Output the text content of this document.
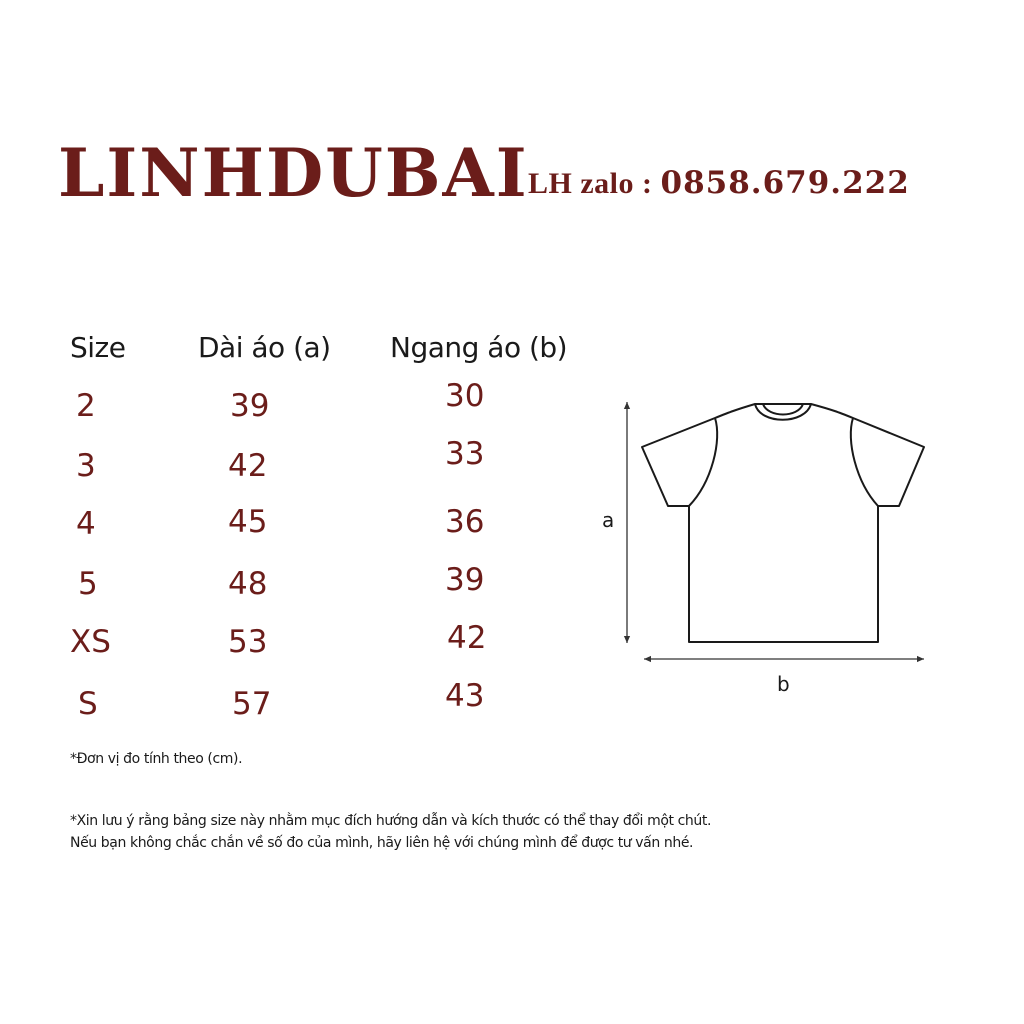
LINHDUBAI LH zalo : 0858.679.222
Size	Dài áo (a) Ngang áo (b)
2	39	30
3	42	33
4	45	36
5	48	39
XS	53	42
S	57	43
a
b
*Đơn vị đo tính theo (cm).
*Xin lưu ý rằng bảng size này nhằm mục đích hướng dẫn và kích thước có thể thay đổi một chút.
Nếu bạn không chắc chắn về số đo của mình, hãy liên hệ với chúng mình để được tư vấn nhé.
